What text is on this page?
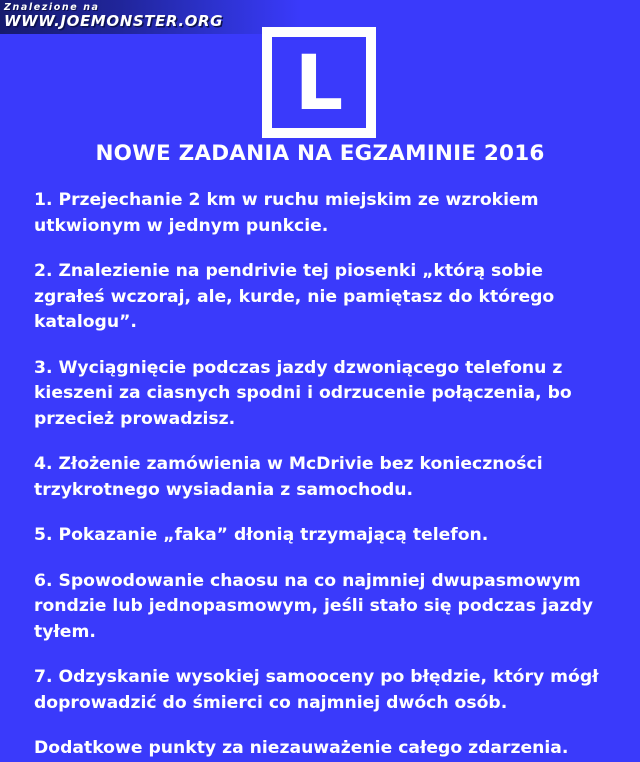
Znalezione na
WWW.JOEMONSTER.ORG
L
NOWE ZADANIA NA EGZAMINIE 2016
1. Przejechanie 2 km w ruchu miejskim ze wzrokiem utkwionym w jednym punkcie.
2. Znalezienie na pendrivie tej piosenki „którą sobie zgrałeś wczoraj, ale, kurde, nie pamiętasz do którego katalogu”.
3. Wyciągnięcie podczas jazdy dzwoniącego telefonu z kieszeni za ciasnych spodni i odrzucenie połączenia, bo przecież prowadzisz.
4. Złożenie zamówienia w McDrivie bez konieczności trzykrotnego wysiadania z samochodu.
5. Pokazanie „faka” dłonią trzymającą telefon.
6. Spowodowanie chaosu na co najmniej dwupasmowym rondzie lub jednopasmowym, jeśli stało się podczas jazdy tyłem.
7. Odzyskanie wysokiej samooceny po błędzie, który mógł doprowadzić do śmierci co najmniej dwóch osób.

Dodatkowe punkty za niezauważenie całego zdarzenia.
